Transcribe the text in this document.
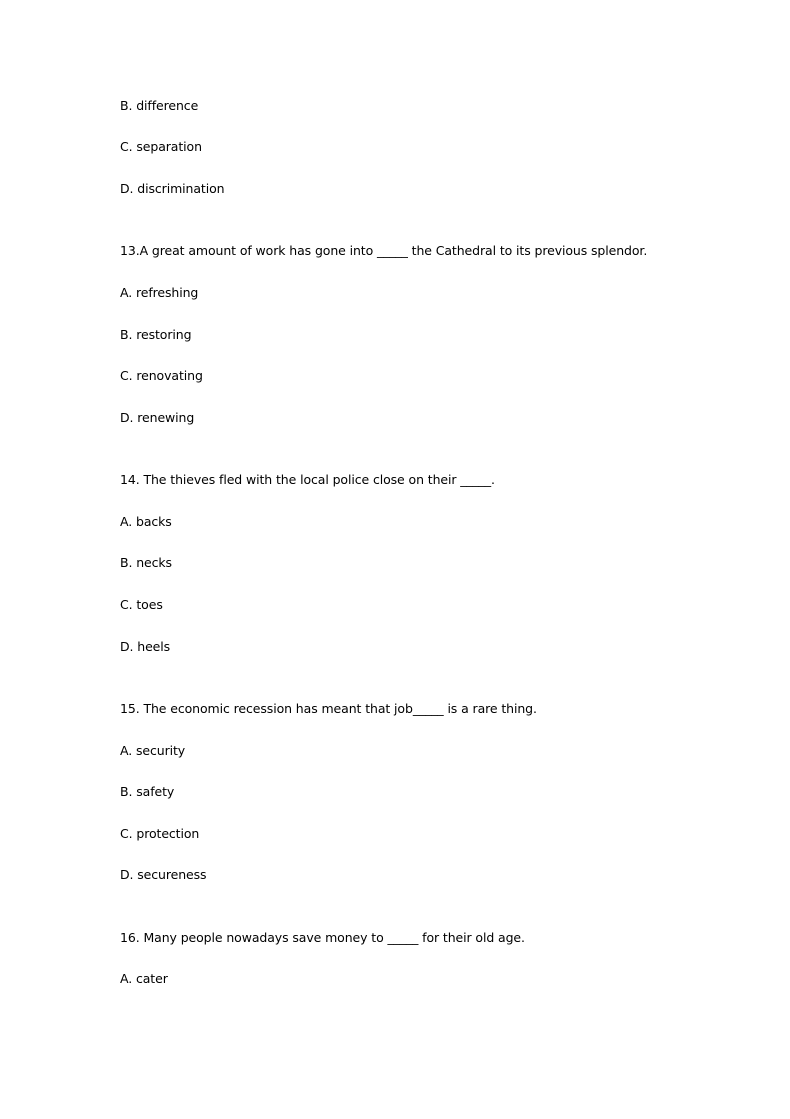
B. difference
C. separation
D. discrimination
13.A great amount of work has gone into _____ the Cathedral to its previous splendor.
A. refreshing
B. restoring
C. renovating
D. renewing
14. The thieves fled with the local police close on their _____.
A. backs
B. necks
C. toes
D. heels
15. The economic recession has meant that job_____ is a rare thing.
A. security
B. safety
C. protection
D. secureness
16. Many people nowadays save money to _____ for their old age.
A. cater
